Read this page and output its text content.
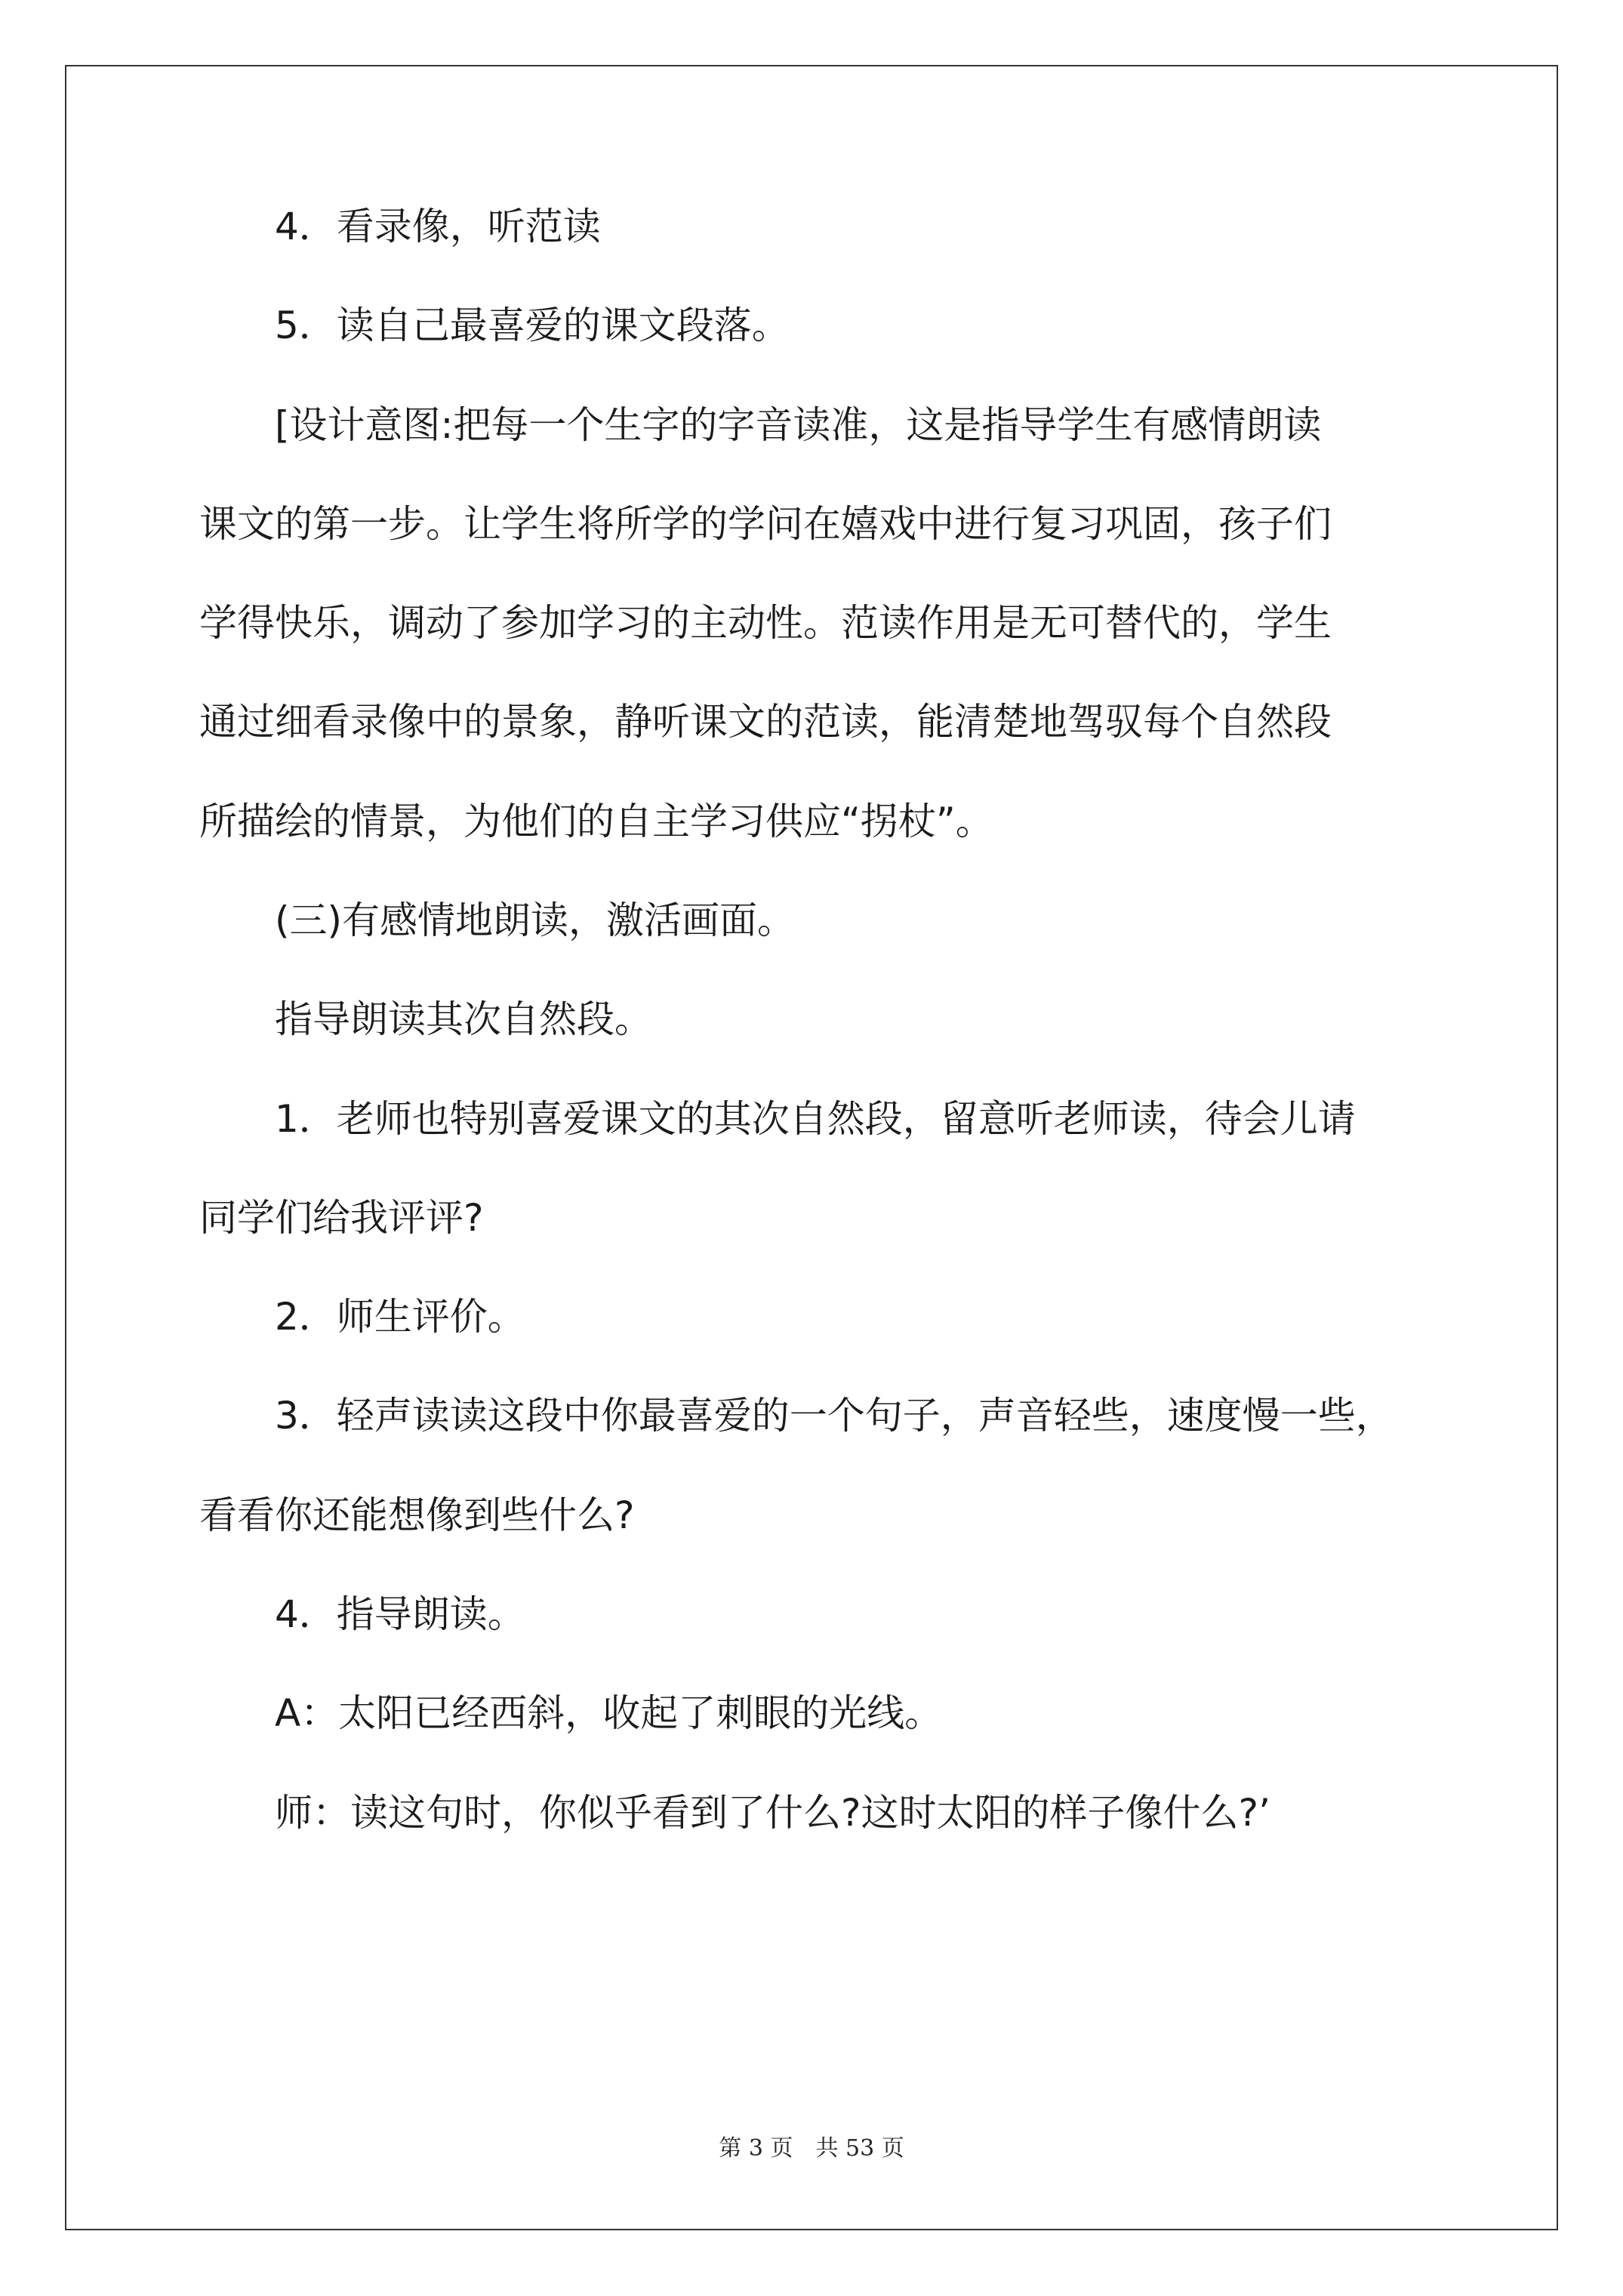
　　4．看录像，听范读

　　5．读自己最喜爱的课文段落。

　　[设计意图:把每一个生字的字音读准，这是指导学生有感情朗读

课文的第一步。让学生将所学的学问在嬉戏中进行复习巩固，孩子们

学得快乐，调动了参加学习的主动性。范读作用是无可替代的，学生

通过细看录像中的景象，静听课文的范读，能清楚地驾驭每个自然段

所描绘的情景，为他们的自主学习供应“拐杖”。

　　(三)有感情地朗读，激活画面。

　　指导朗读其次自然段。

　　1．老师也特别喜爱课文的其次自然段，留意听老师读，待会儿请

同学们给我评评?

　　2．师生评价。

　　3．轻声读读这段中你最喜爱的一个句子，声音轻些，速度慢一些，

看看你还能想像到些什么?

　　4．指导朗读。

　　A：太阳已经西斜，收起了刺眼的光线。

　　师：读这句时，你似乎看到了什么?这时太阳的样子像什么?’

第 3 页　共 53 页
